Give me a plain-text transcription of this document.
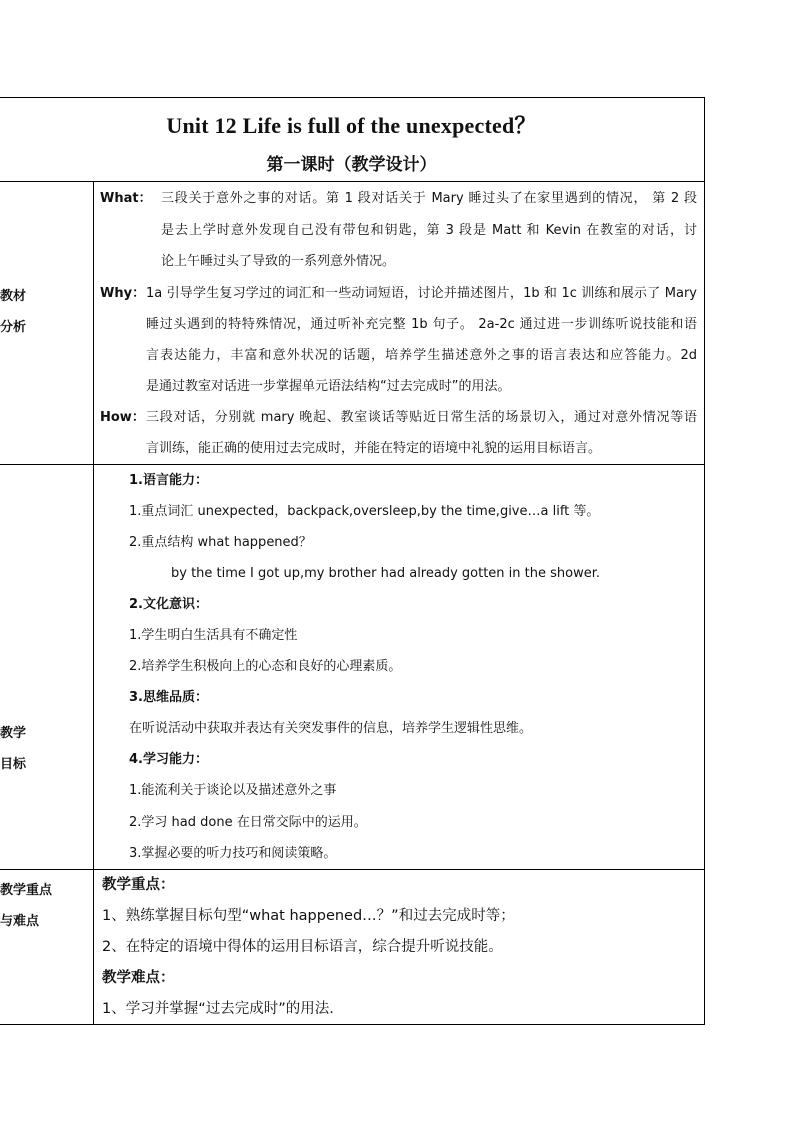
Unit 12 Life is full of the unexpected？
第一课时（教学设计）
教材
分析
What： 三段关于意外之事的对话。第 1 段对话关于 Mary 睡过头了在家里遇到的情况， 第 2 段
是去上学时意外发现自己没有带包和钥匙，第 3 段是 Matt 和 Kevin 在教室的对话，讨
论上午睡过头了导致的一系列意外情况。
Why： 1a 引导学生复习学过的词汇和一些动词短语，讨论并描述图片，1b 和 1c 训练和展示了 Mary
睡过头遇到的特特殊情况，通过听补充完整 1b 句子。 2a-2c 通过进一步训练听说技能和语
言表达能力，丰富和意外状况的话题，培养学生描述意外之事的语言表达和应答能力。2d
是通过教室对话进一步掌握单元语法结构“过去完成时”的用法。
How： 三段对话，分别就 mary 晚起、教室谈话等贴近日常生活的场景切入，通过对意外情况等语
言训练，能正确的使用过去完成时，并能在特定的语境中礼貌的运用目标语言。
教学
目标
1.语言能力：
1.重点词汇 unexpected，backpack,oversleep,by the time,give…a lift 等。
2.重点结构 what happened？
by the time I got up,my brother had already gotten in the shower.
2.文化意识：
1.学生明白生活具有不确定性
2.培养学生积极向上的心态和良好的心理素质。
3.思维品质：
在听说活动中获取并表达有关突发事件的信息，培养学生逻辑性思维。
4.学习能力：
1.能流利关于谈论以及描述意外之事
2.学习 had done 在日常交际中的运用。
3.掌握必要的听力技巧和阅读策略。
教学重点
与难点
教学重点：
1、熟练掌握目标句型“what happened…？”和过去完成时等；
2、在特定的语境中得体的运用目标语言，综合提升听说技能。
教学难点：
1、学习并掌握“过去完成时”的用法.
